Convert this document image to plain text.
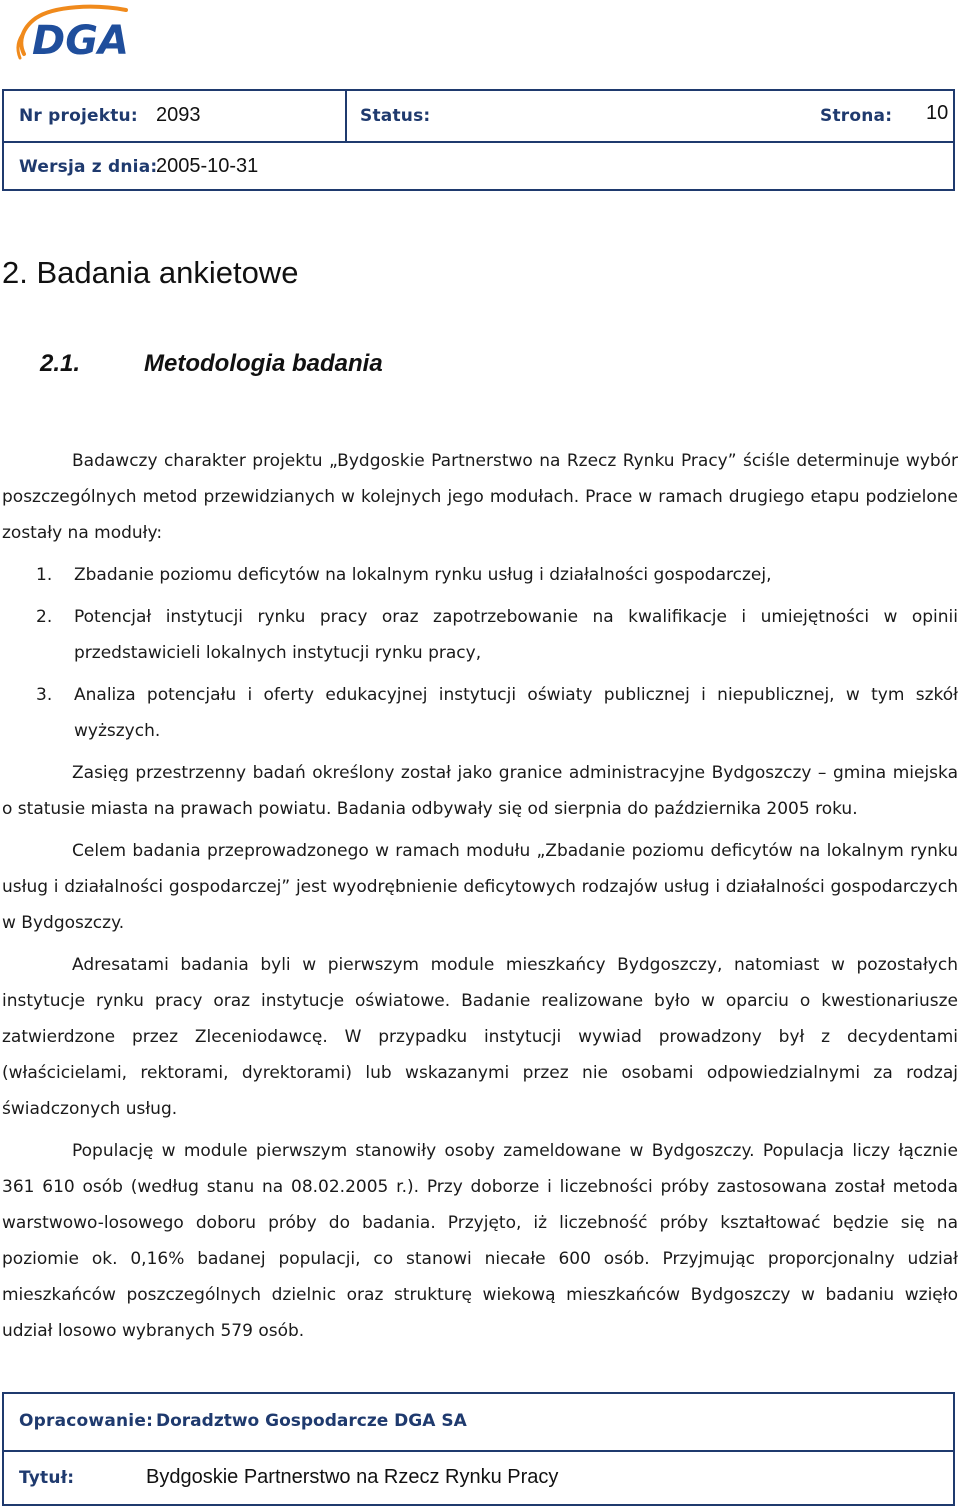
DGA
Nr projektu: 2093	Status:	Strona: 10
Wersja z dnia:
2005-10-31
2. Badania ankietowe
2.1.	Metodologia badania

Badawczy charakter projektu „Bydgoskie Partnerstwo na Rzecz Rynku Pracy” ściśle determinuje wybór poszczególnych metod przewidzianych w kolejnych jego modułach. Prace w ramach drugiego etapu podzielone zostały na moduły:

1. Zbadanie poziomu deficytów na lokalnym rynku usług i działalności gospodarczej,
2. Potencjał instytucji rynku pracy oraz zapotrzebowanie na kwalifikacje i umiejętności w opinii przedstawicieli lokalnych instytucji rynku pracy,
3. Analiza potencjału i oferty edukacyjnej instytucji oświaty publicznej i niepublicznej, w tym szkół wyższych.

Zasięg przestrzenny badań określony został jako granice administracyjne Bydgoszczy – gmina miejska o statusie miasta na prawach powiatu. Badania odbywały się od sierpnia do października 2005 roku.

Celem badania przeprowadzonego w ramach modułu „Zbadanie poziomu deficytów na lokalnym rynku usług i działalności gospodarczej” jest wyodrębnienie deficytowych rodzajów usług i działalności gospodarczych w Bydgoszczy.

Adresatami badania byli w pierwszym module mieszkańcy Bydgoszczy, natomiast w pozostałych instytucje rynku pracy oraz instytucje oświatowe. Badanie realizowane było w oparciu o kwestionariusze zatwierdzone przez Zleceniodawcę. W przypadku instytucji wywiad prowadzony był z decydentami (właścicielami, rektorami, dyrektorami) lub wskazanymi przez nie osobami odpowiedzialnymi za rodzaj świadczonych usług.

Populację w module pierwszym stanowiły osoby zameldowane w Bydgoszczy. Populacja liczy łącznie 361 610 osób (według stanu na 08.02.2005 r.). Przy doborze i liczebności próby zastosowana został metoda warstwowo-losowego doboru próby do badania. Przyjęto, iż liczebność próby kształtować będzie się na poziomie ok. 0,16% badanej populacji, co stanowi niecałe 600 osób. Przyjmując proporcjonalny udział mieszkańców poszczególnych dzielnic oraz strukturę wiekową mieszkańców Bydgoszczy w badaniu wzięło udział losowo wybranych 579 osób.

Opracowanie: Doradztwo Gospodarcze DGA SA
Tytuł:	Bydgoskie Partnerstwo na Rzecz Rynku Pracy
